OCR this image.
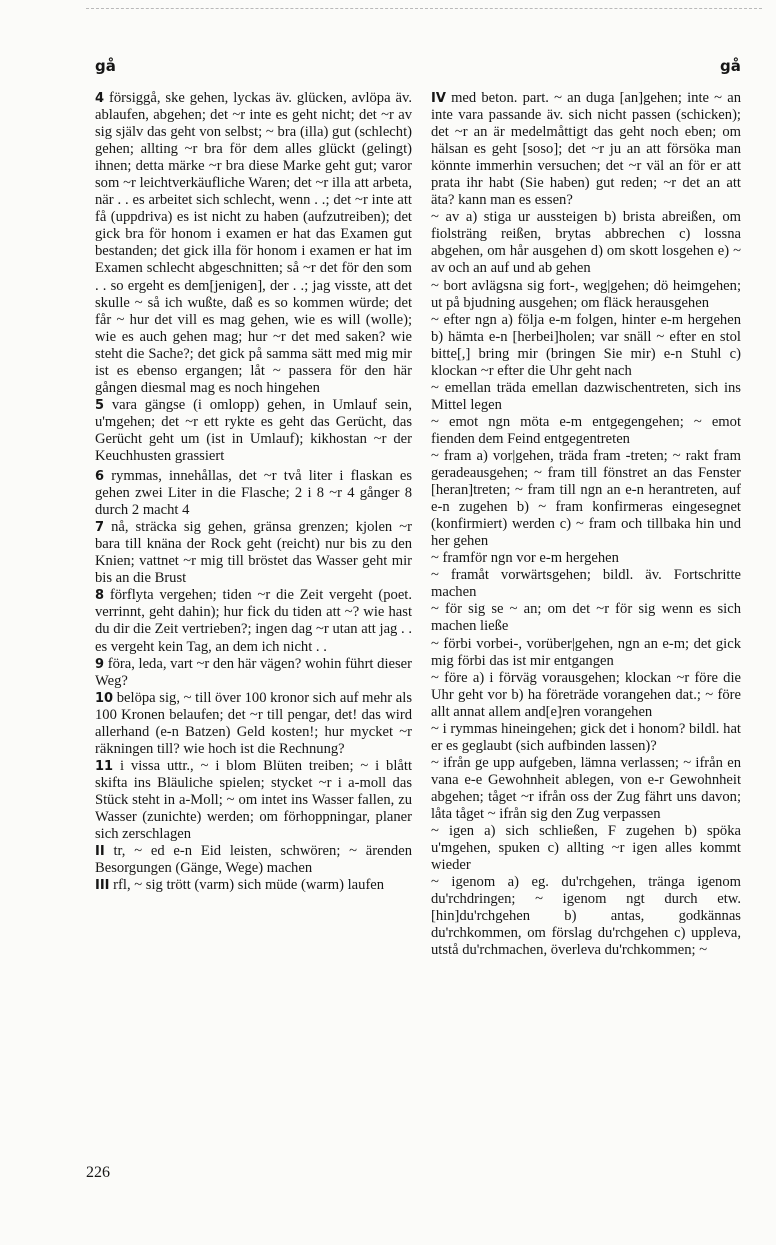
gå	gå

4 försiggå, ske gehen, lyckas äv. glücken, avlöpa äv. ablaufen, abgehen; det ~r inte es geht nicht; det ~r av sig själv das geht von selbst; ~ bra (illa) gut (schlecht) gehen; allting ~r bra för dem alles glückt (gelingt) ihnen; detta märke ~r bra diese Marke geht gut; varor som ~r leichtverkäufliche Waren; det ~r illa att arbeta, när . . es arbeitet sich schlecht, wenn . .; det ~r inte att få (uppdriva) es ist nicht zu haben (aufzutreiben); det gick bra för honom i examen er hat das Examen gut bestanden; det gick illa för honom i examen er hat im Examen schlecht abgeschnitten; så ~r det för den som . . so ergeht es dem[jenigen], der . .; jag visste, att det skulle ~ så ich wußte, daß es so kommen würde; det får ~ hur det vill es mag gehen, wie es will (wolle); wie es auch gehen mag; hur ~r det med saken? wie steht die Sache?; det gick på samma sätt med mig mir ist es ebenso ergangen; låt ~ passera för den här gången diesmal mag es noch hingehen

5 vara gängse (i omlopp) gehen, in Umlauf sein, u'mgehen; det ~r ett rykte es geht das Gerücht, das Gerücht geht um (ist in Umlauf); kikhostan ~r der Keuchhusten grassiert

6 rymmas, innehållas, det ~r två liter i flaskan es gehen zwei Liter in die Flasche; 2 i 8 ~r 4 gånger 8 durch 2 macht 4

7 nå, sträcka sig gehen, gränsa grenzen; kjolen ~r bara till knäna der Rock geht (reicht) nur bis zu den Knien; vattnet ~r mig till bröstet das Wasser geht mir bis an die Brust

8 förflyta vergehen; tiden ~r die Zeit vergeht (poet. verrinnt, geht dahin); hur fick du tiden att ~? wie hast du dir die Zeit vertrieben?; ingen dag ~r utan att jag . . es vergeht kein Tag, an dem ich nicht . .

9 föra, leda, vart ~r den här vägen? wohin führt dieser Weg?

10 belöpa sig, ~ till över 100 kronor sich auf mehr als 100 Kronen belaufen; det ~r till pengar, det! das wird allerhand (e-n Batzen) Geld kosten!; hur mycket ~r räkningen till? wie hoch ist die Rechnung?

11 i vissa uttr., ~ i blom Blüten treiben; ~ i blått skifta ins Bläuliche spielen; stycket ~r i a-moll das Stück steht in a-Moll; ~ om intet ins Wasser fallen, zu Wasser (zunichte) werden; om förhoppningar, planer sich zerschlagen

II tr, ~ ed e-n Eid leisten, schwören; ~ ärenden Besorgungen (Gänge, Wege) machen

III rfl, ~ sig trött (varm) sich müde (warm) laufen

IV med beton. part. ~ an duga [an]gehen; inte ~ an inte vara passande äv. sich nicht passen (schicken); det ~r an är medelmåttigt das geht noch eben; om hälsan es geht [soso]; det ~r ju an att försöka man könnte immerhin versuchen; det ~r väl an för er att prata ihr habt (Sie haben) gut reden; ~r det an att äta? kann man es essen?

~ av a) stiga ur aussteigen b) brista abreißen, om fiolsträng reißen, brytas abbrechen c) lossna abgehen, om hår ausgehen d) om skott losgehen e) ~ av och an auf und ab gehen

~ bort avlägsna sig fort-, weg|gehen; dö heimgehen; ut på bjudning ausgehen; om fläck herausgehen

~ efter ngn a) följa e-m folgen, hinter e-m hergehen b) hämta e-n [herbei]holen; var snäll ~ efter en stol bitte[,] bring mir (bringen Sie mir) e-n Stuhl c) klockan ~r efter die Uhr geht nach

~ emellan träda emellan dazwischentreten, sich ins Mittel legen

~ emot ngn möta e-m entgegengehen; ~ emot fienden dem Feind entgegentreten

~ fram a) vor|gehen, träda fram -treten; ~ rakt fram geradeausgehen; ~ fram till fönstret an das Fenster [heran]treten; ~ fram till ngn an e-n herantreten, auf e-n zugehen b) ~ fram konfirmeras eingesegnet (konfirmiert) werden c) ~ fram och tillbaka hin und her gehen

~ framför ngn vor e-m hergehen

~ framåt vorwärtsgehen; bildl. äv. Fortschritte machen

~ för sig se ~ an; om det ~r för sig wenn es sich machen ließe

~ förbi vorbei-, vorüber|gehen, ngn an e-m; det gick mig förbi das ist mir entgangen

~ före a) i förväg vorausgehen; klockan ~r före die Uhr geht vor b) ha företräde vorangehen dat.; ~ före allt annat allem and[e]ren vorangehen

~ i rymmas hineingehen; gick det i honom? bildl. hat er es geglaubt (sich aufbinden lassen)?

~ ifrån ge upp aufgeben, lämna verlassen; ~ ifrån en vana e-e Gewohnheit ablegen, von e-r Gewohnheit abgehen; tåget ~r ifrån oss der Zug fährt uns davon; låta tåget ~ ifrån sig den Zug verpassen

~ igen a) sich schließen, F zugehen b) spöka u'mgehen, spuken c) allting ~r igen alles kommt wieder

~ igenom a) eg. du'rchgehen, tränga igenom du'rchdringen; ~ igenom ngt durch etw. [hin]du'rchgehen b) antas, godkännas du'rchkommen, om förslag du'rchgehen c) uppleva, utstå du'rchmachen, överleva du'rchkommen; ~

226
